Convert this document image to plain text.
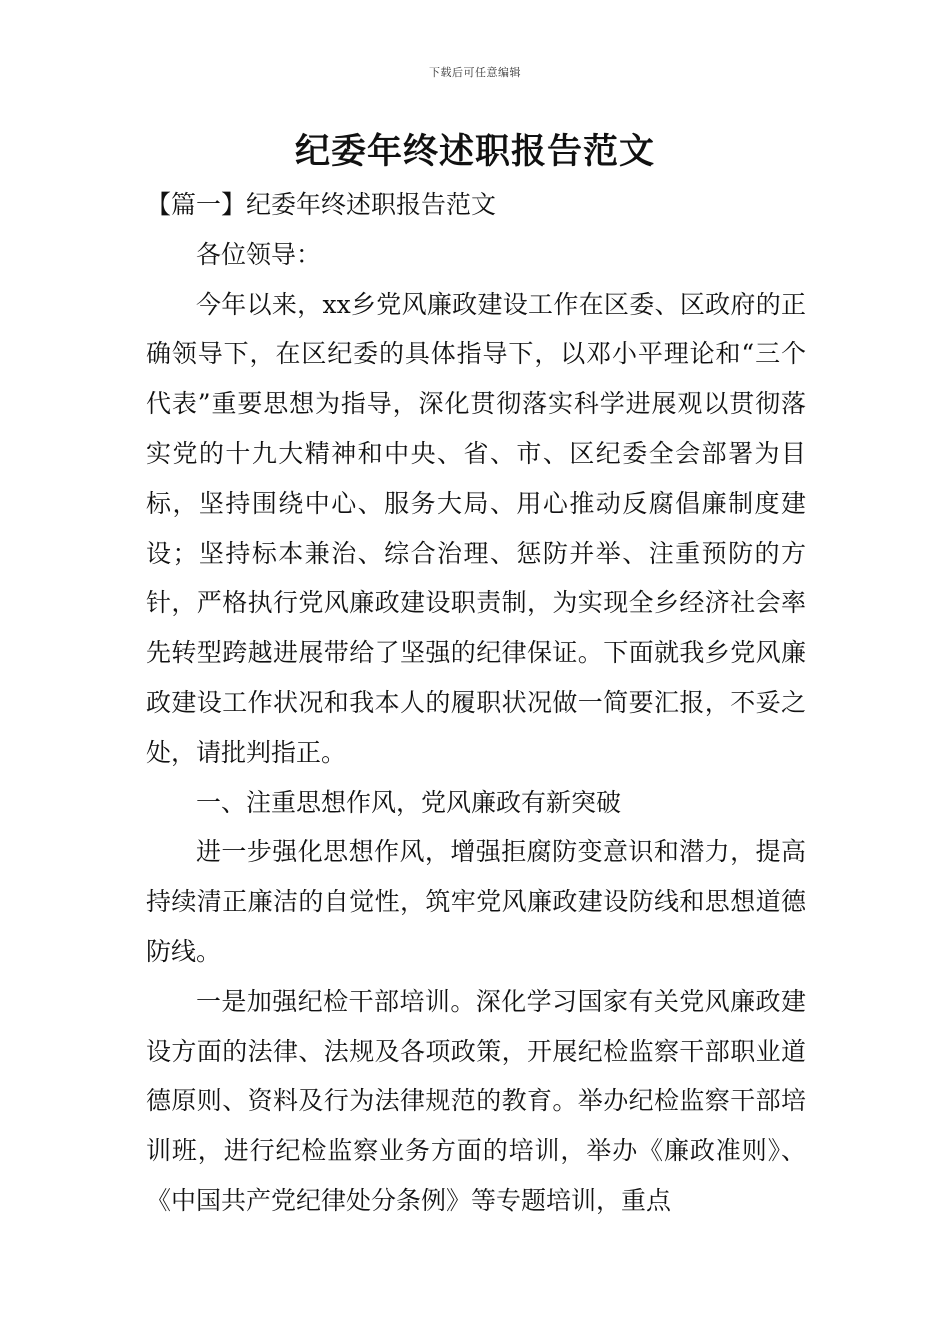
下载后可任意编辑
纪委年终述职报告范文

【篇一】纪委年终述职报告范文

各位领导：

今年以来，xx乡党风廉政建设工作在区委、区政府的正确领导下，在区纪委的具体指导下，以邓小平理论和“三个代表”重要思想为指导，深化贯彻落实科学进展观以贯彻落实党的十九大精神和中央、省、市、区纪委全会部署为目标，坚持围绕中心、服务大局、用心推动反腐倡廉制度建设；坚持标本兼治、综合治理、惩防并举、注重预防的方针，严格执行党风廉政建设职责制，为实现全乡经济社会率先转型跨越进展带给了坚强的纪律保证。下面就我乡党风廉政建设工作状况和我本人的履职状况做一简要汇报，不妥之处，请批判指正。

一、注重思想作风，党风廉政有新突破

进一步强化思想作风，增强拒腐防变意识和潜力，提高持续清正廉洁的自觉性，筑牢党风廉政建设防线和思想道德防线。

一是加强纪检干部培训。深化学习国家有关党风廉政建设方面的法律、法规及各项政策，开展纪检监察干部职业道德原则、资料及行为法律规范的教育。举办纪检监察干部培训班，进行纪检监察业务方面的培训，举办《廉政准则》、《中国共产党纪律处分条例》等专题培训，重点
